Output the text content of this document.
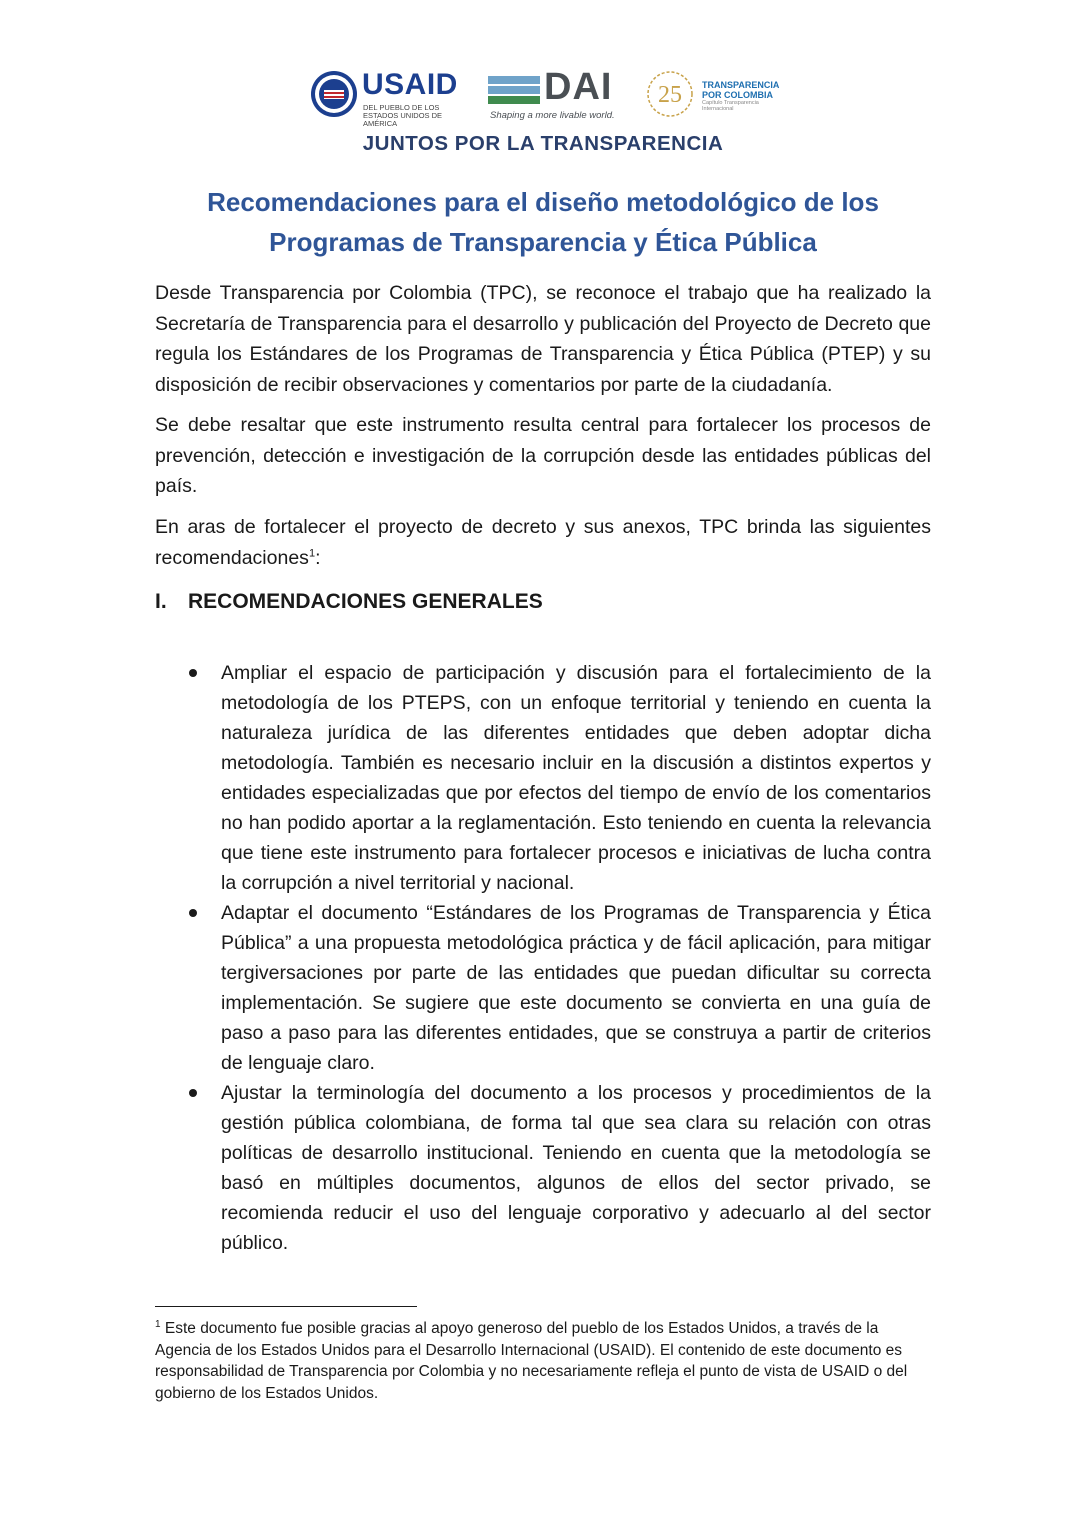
USAID
DEL PUEBLO DE LOS ESTADOS UNIDOS DE AMÉRICA
DAI
Shaping a more livable world.
25 TRANSPARENCIA
POR COLOMBIA
Capítulo Transparencia Internacional
JUNTOS POR LA TRANSPARENCIA
Recomendaciones para el diseño metodológico de los
Programas de Transparencia y Ética Pública

Desde Transparencia por Colombia (TPC), se reconoce el trabajo que ha realizado la Secretaría de Transparencia para el desarrollo y publicación del Proyecto de Decreto que regula los Estándares de los Programas de Transparencia y Ética Pública (PTEP) y su disposición de recibir observaciones y comentarios por parte de la ciudadanía.

Se debe resaltar que este instrumento resulta central para fortalecer los procesos de prevención, detección e investigación de la corrupción desde las entidades públicas del país.

En aras de fortalecer el proyecto de decreto y sus anexos, TPC brinda las siguientes recomendaciones$^1$:

I. RECOMENDACIONES GENERALES
Ampliar el espacio de participación y discusión para el fortalecimiento de la metodología de los PTEPS, con un enfoque territorial y teniendo en cuenta la naturaleza jurídica de las diferentes entidades que deben adoptar dicha metodología. También es necesario incluir en la discusión a distintos expertos y entidades especializadas que por efectos del tiempo de envío de los comentarios no han podido aportar a la reglamentación. Esto teniendo en cuenta la relevancia que tiene este instrumento para fortalecer procesos e iniciativas de lucha contra la corrupción a nivel territorial y nacional.
Adaptar el documento “Estándares de los Programas de Transparencia y Ética Pública” a una propuesta metodológica práctica y de fácil aplicación, para mitigar tergiversaciones por parte de las entidades que puedan dificultar su correcta implementación. Se sugiere que este documento se convierta en una guía de paso a paso para las diferentes entidades, que se construya a partir de criterios de lenguaje claro.
Ajustar la terminología del documento a los procesos y procedimientos de la gestión pública colombiana, de forma tal que sea clara su relación con otras políticas de desarrollo institucional. Teniendo en cuenta que la metodología se basó en múltiples documentos, algunos de ellos del sector privado, se recomienda reducir el uso del lenguaje corporativo y adecuarlo al del sector público.

$^1$ Este documento fue posible gracias al apoyo generoso del pueblo de los Estados Unidos, a través de la Agencia de los Estados Unidos para el Desarrollo Internacional (USAID). El contenido de este documento es responsabilidad de Transparencia por Colombia y no necesariamente refleja el punto de vista de USAID o del gobierno de los Estados Unidos.
